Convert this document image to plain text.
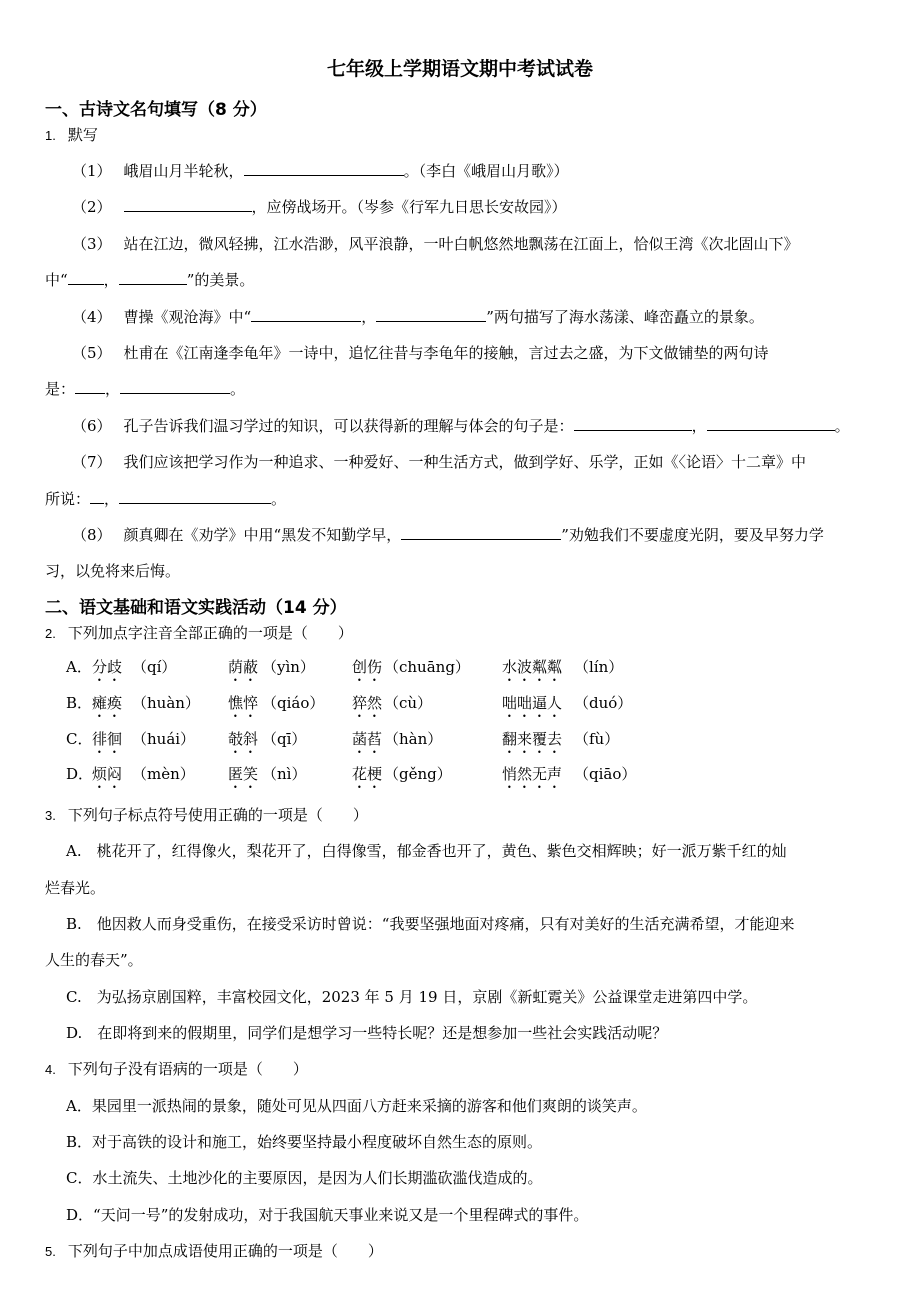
七年级上学期语文期中考试试卷
一、古诗文名句填写（8 分）
1. 默写
（1） 峨眉山月半轮秋，	。（李白《峨眉山月歌》）
（2）	，应傍战场开。（岑参《行军九日思长安故园》）
（3） 站在江边，微风轻拂，江水浩渺，风平浪静，一叶白帆悠然地飘荡在江面上，恰似王湾《次北固山下》
中“ ，	”的美景。
（4） 曹操《观沧海》中“	，	”两句描写了海水荡漾、峰峦矗立的景象。
（5） 杜甫在《江南逢李龟年》一诗中，追忆往昔与李龟年的接触，言过去之盛，为下文做铺垫的两句诗
是： ，	。
（6） 孔子告诉我们温习学过的知识，可以获得新的理解与体会的句子是：	，	。
（7） 我们应该把学习作为一种追求、一种爱好、一种生活方式，做到学好、乐学，正如《〈论语〉十二章》中
所说： ，	。
（8） 颜真卿在《劝学》中用“黑发不知勤学早，	”劝勉我们不要虚度光阴，要及早努力学
习，以免将来后悔。
二、语文基础和语文实践活动（14 分）
2. 下列加点字注音全部正确的一项是（　　）
A． 分歧 （qí）	荫蔽 （yìn） 创伤 （chuāng） 水波粼粼 （lín）
B． 瘫痪 （huàn） 憔悴 （qiáo） 猝然 （cù）	咄咄逼人 （duó）
C． 徘徊 （huái） 攲斜 （qī）	菡萏 （hàn）	翻来覆去 （fù）
D．
烦闷 （mèn） 匿笑 （nì）	花梗 （gěng）	悄然无声 （qiāo）
3. 下列句子标点符号使用正确的一项是（　　）
A.　桃花开了，红得像火，梨花开了，白得像雪，郁金香也开了，黄色、紫色交相辉映；好一派万紫千红的灿
烂春光。
B.　他因救人而身受重伤，在接受采访时曾说：“我要坚强地面对疼痛，只有对美好的生活充满希望，才能迎来
人生的春天”。
C.　为弘扬京剧国粹，丰富校园文化，2023 年 5 月 19 日，京剧《新虹霓关》公益课堂走进第四中学。
D.　在即将到来的假期里，同学们是想学习一些特长呢？还是想参加一些社会实践活动呢？
4. 下列句子没有语病的一项是（　　）
A．果园里一派热闹的景象，随处可见从四面八方赶来采摘的游客和他们爽朗的谈笑声。
B．对于高铁的设计和施工，始终要坚持最小程度破坏自然生态的原则。
C．水土流失、土地沙化的主要原因，是因为人们长期滥砍滥伐造成的。
D．“天问一号”的发射成功，对于我国航天事业来说又是一个里程碑式的事件。
5. 下列句子中加点成语使用正确的一项是（　　）
